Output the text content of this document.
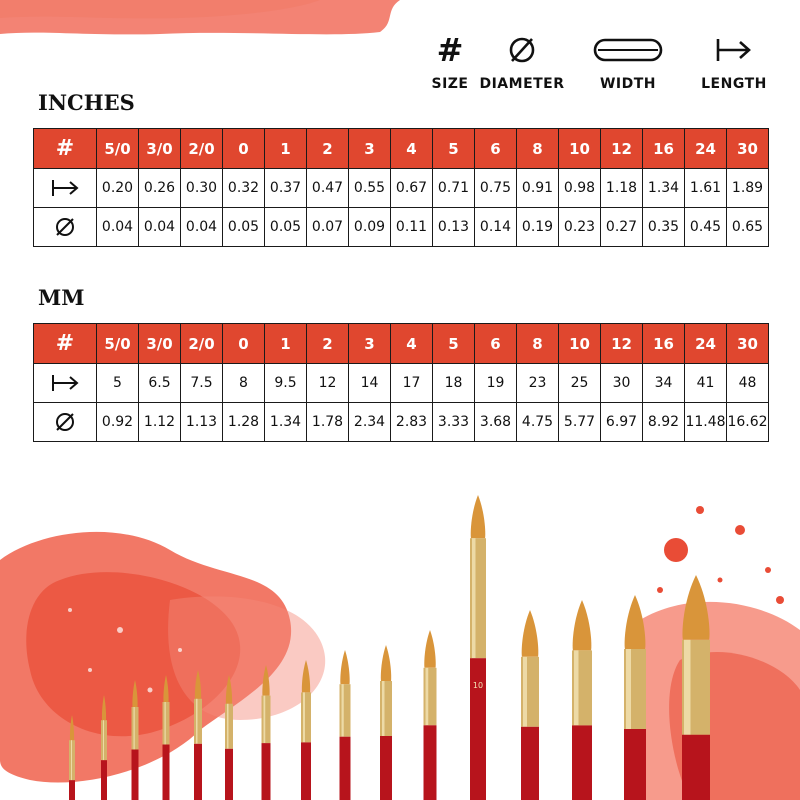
#
SIZE DIAMETER	WIDTH	LENGTH
INCHES
#	5/0	3/0	2/0	0	1	2	3	4	5	6	8	10	12	16	24	30
	0.20	0.26	0.30	0.32	0.37	0.47	0.55	0.67	0.71	0.75	0.91	0.98	1.18	1.34	1.61	1.89
	0.04	0.04	0.04	0.05	0.05	0.07	0.09	0.11	0.13	0.14	0.19	0.23	0.27	0.35	0.45	0.65
MM
#	5/0	3/0	2/0	0	1	2	3	4	5	6	8	10	12	16	24	30
	5	6.5	7.5	8	9.5	12	14	17	18	19	23	25	30	34	41	48
	0.92	1.12	1.13	1.28	1.34	1.78	2.34	2.83	3.33	3.68	4.75	5.77	6.97	8.92	11.48	16.62
10
